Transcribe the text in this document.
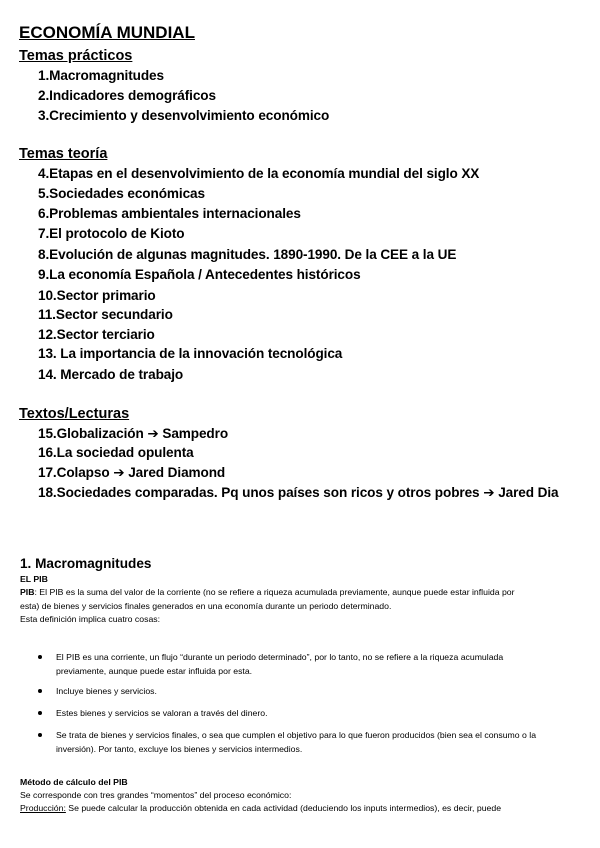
ECONOMÍA MUNDIAL
Temas prácticos
1.Macromagnitudes
2.Indicadores demográficos
3.Crecimiento y desenvolvimiento económico
Temas teoría
4.Etapas en el desenvolvimiento de la economía mundial del siglo XX
5.Sociedades económicas
6.Problemas ambientales internacionales
7.El protocolo de Kioto
8.Evolución de algunas magnitudes. 1890-1990. De la CEE a la UE
9.La economía Española / Antecedentes históricos
10.Sector primario
11.Sector secundario
12.Sector terciario
13. La importancia de la innovación tecnológica
14. Mercado de trabajo
Textos/Lecturas
15.Globalización ➔ Sampedro
16.La sociedad opulenta
17.Colapso ➔ Jared Diamond
18.Sociedades comparadas. Pq unos países son ricos y otros pobres ➔ Jared Dia
1. Macromagnitudes
EL PIB
PIB: El PIB es la suma del valor de la corriente (no se refiere a riqueza acumulada previamente, aunque puede estar influida por
esta) de bienes y servicios finales generados en una economía durante un periodo determinado.
Esta definición implica cuatro cosas:
El PIB es una corriente, un flujo “durante un periodo determinado”, por lo tanto, no se refiere a la riqueza acumulada
previamente, aunque puede estar influida por esta.
Incluye bienes y servicios.
Estes bienes y servicios se valoran a través del dinero.
Se trata de bienes y servicios finales, o sea que cumplen el objetivo para lo que fueron producidos (bien sea el consumo o la
inversión). Por tanto, excluye los bienes y servicios intermedios.
Método de cálculo del PIB
Se corresponde con tres grandes “momentos” del proceso económico:
Producción: Se puede calcular la producción obtenida en cada actividad (deduciendo los inputs intermedios), es decir, puede
